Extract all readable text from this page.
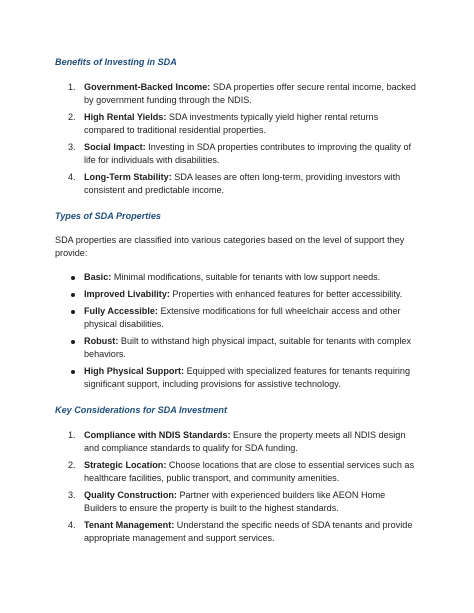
Benefits of Investing in SDA

1. Government-Backed Income: SDA properties offer secure rental income, backed by government funding through the NDIS.
2. High Rental Yields: SDA investments typically yield higher rental returns compared to traditional residential properties.
3. Social Impact: Investing in SDA properties contributes to improving the quality of life for individuals with disabilities.
4. Long-Term Stability: SDA leases are often long-term, providing investors with consistent and predictable income.

Types of SDA Properties

SDA properties are classified into various categories based on the level of support they provide:

Basic: Minimal modifications, suitable for tenants with low support needs.
Improved Livability: Properties with enhanced features for better accessibility.
Fully Accessible: Extensive modifications for full wheelchair access and other physical disabilities.
Robust: Built to withstand high physical impact, suitable for tenants with complex behaviors.
High Physical Support: Equipped with specialized features for tenants requiring significant support, including provisions for assistive technology.

Key Considerations for SDA Investment

1. Compliance with NDIS Standards: Ensure the property meets all NDIS design and compliance standards to qualify for SDA funding.
2. Strategic Location: Choose locations that are close to essential services such as healthcare facilities, public transport, and community amenities.
3. Quality Construction: Partner with experienced builders like AEON Home Builders to ensure the property is built to the highest standards.
4. Tenant Management: Understand the specific needs of SDA tenants and provide appropriate management and support services.
